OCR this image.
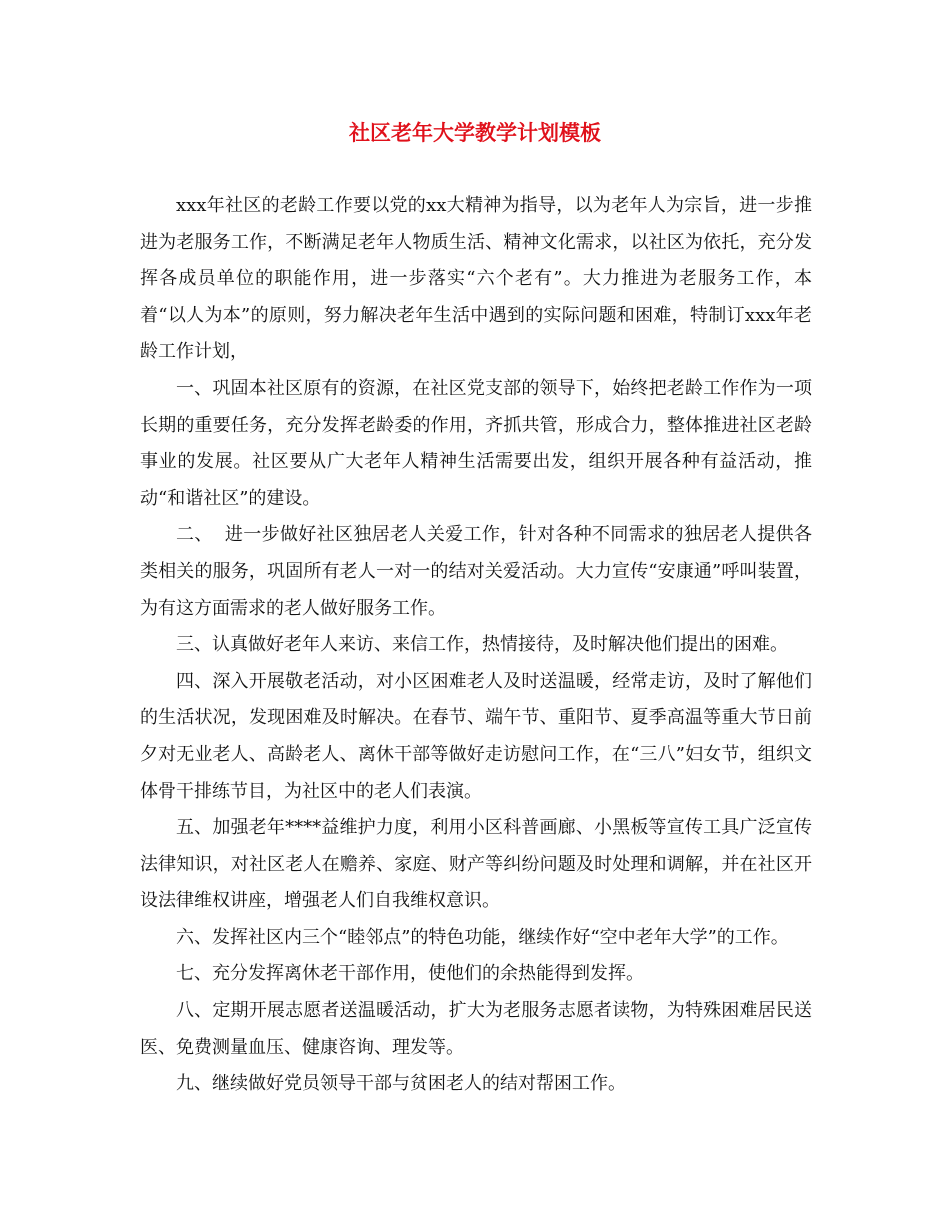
社区老年大学教学计划模板

xxx年社区的老龄工作要以党的xx大精神为指导，以为老年人为宗旨，进一步推进为老服务工作，不断满足老年人物质生活、精神文化需求，以社区为依托，充分发挥各成员单位的职能作用，进一步落实“六个老有”。大力推进为老服务工作，本着“以人为本”的原则，努力解决老年生活中遇到的实际问题和困难，特制订xxx年老龄工作计划，

一、巩固本社区原有的资源，在社区党支部的领导下，始终把老龄工作作为一项长期的重要任务，充分发挥老龄委的作用，齐抓共管，形成合力，整体推进社区老龄事业的发展。社区要从广大老年人精神生活需要出发，组织开展各种有益活动，推动“和谐社区”的建设。

二、  进一步做好社区独居老人关爱工作，针对各种不同需求的独居老人提供各类相关的服务，巩固所有老人一对一的结对关爱活动。大力宣传“安康通”呼叫装置，为有这方面需求的老人做好服务工作。

三、认真做好老年人来访、来信工作，热情接待，及时解决他们提出的困难。

四、深入开展敬老活动，对小区困难老人及时送温暖，经常走访，及时了解他们的生活状况，发现困难及时解决。在春节、端午节、重阳节、夏季高温等重大节日前夕对无业老人、高龄老人、离休干部等做好走访慰问工作，在“三八”妇女节，组织文体骨干排练节目，为社区中的老人们表演。

五、加强老年****益维护力度，利用小区科普画廊、小黑板等宣传工具广泛宣传法律知识，对社区老人在赡养、家庭、财产等纠纷问题及时处理和调解，并在社区开设法律维权讲座，增强老人们自我维权意识。

六、发挥社区内三个“睦邻点”的特色功能，继续作好“空中老年大学”的工作。

七、充分发挥离休老干部作用，使他们的余热能得到发挥。

八、定期开展志愿者送温暖活动，扩大为老服务志愿者读物，为特殊困难居民送医、免费测量血压、健康咨询、理发等。

九、继续做好党员领导干部与贫困老人的结对帮困工作。
